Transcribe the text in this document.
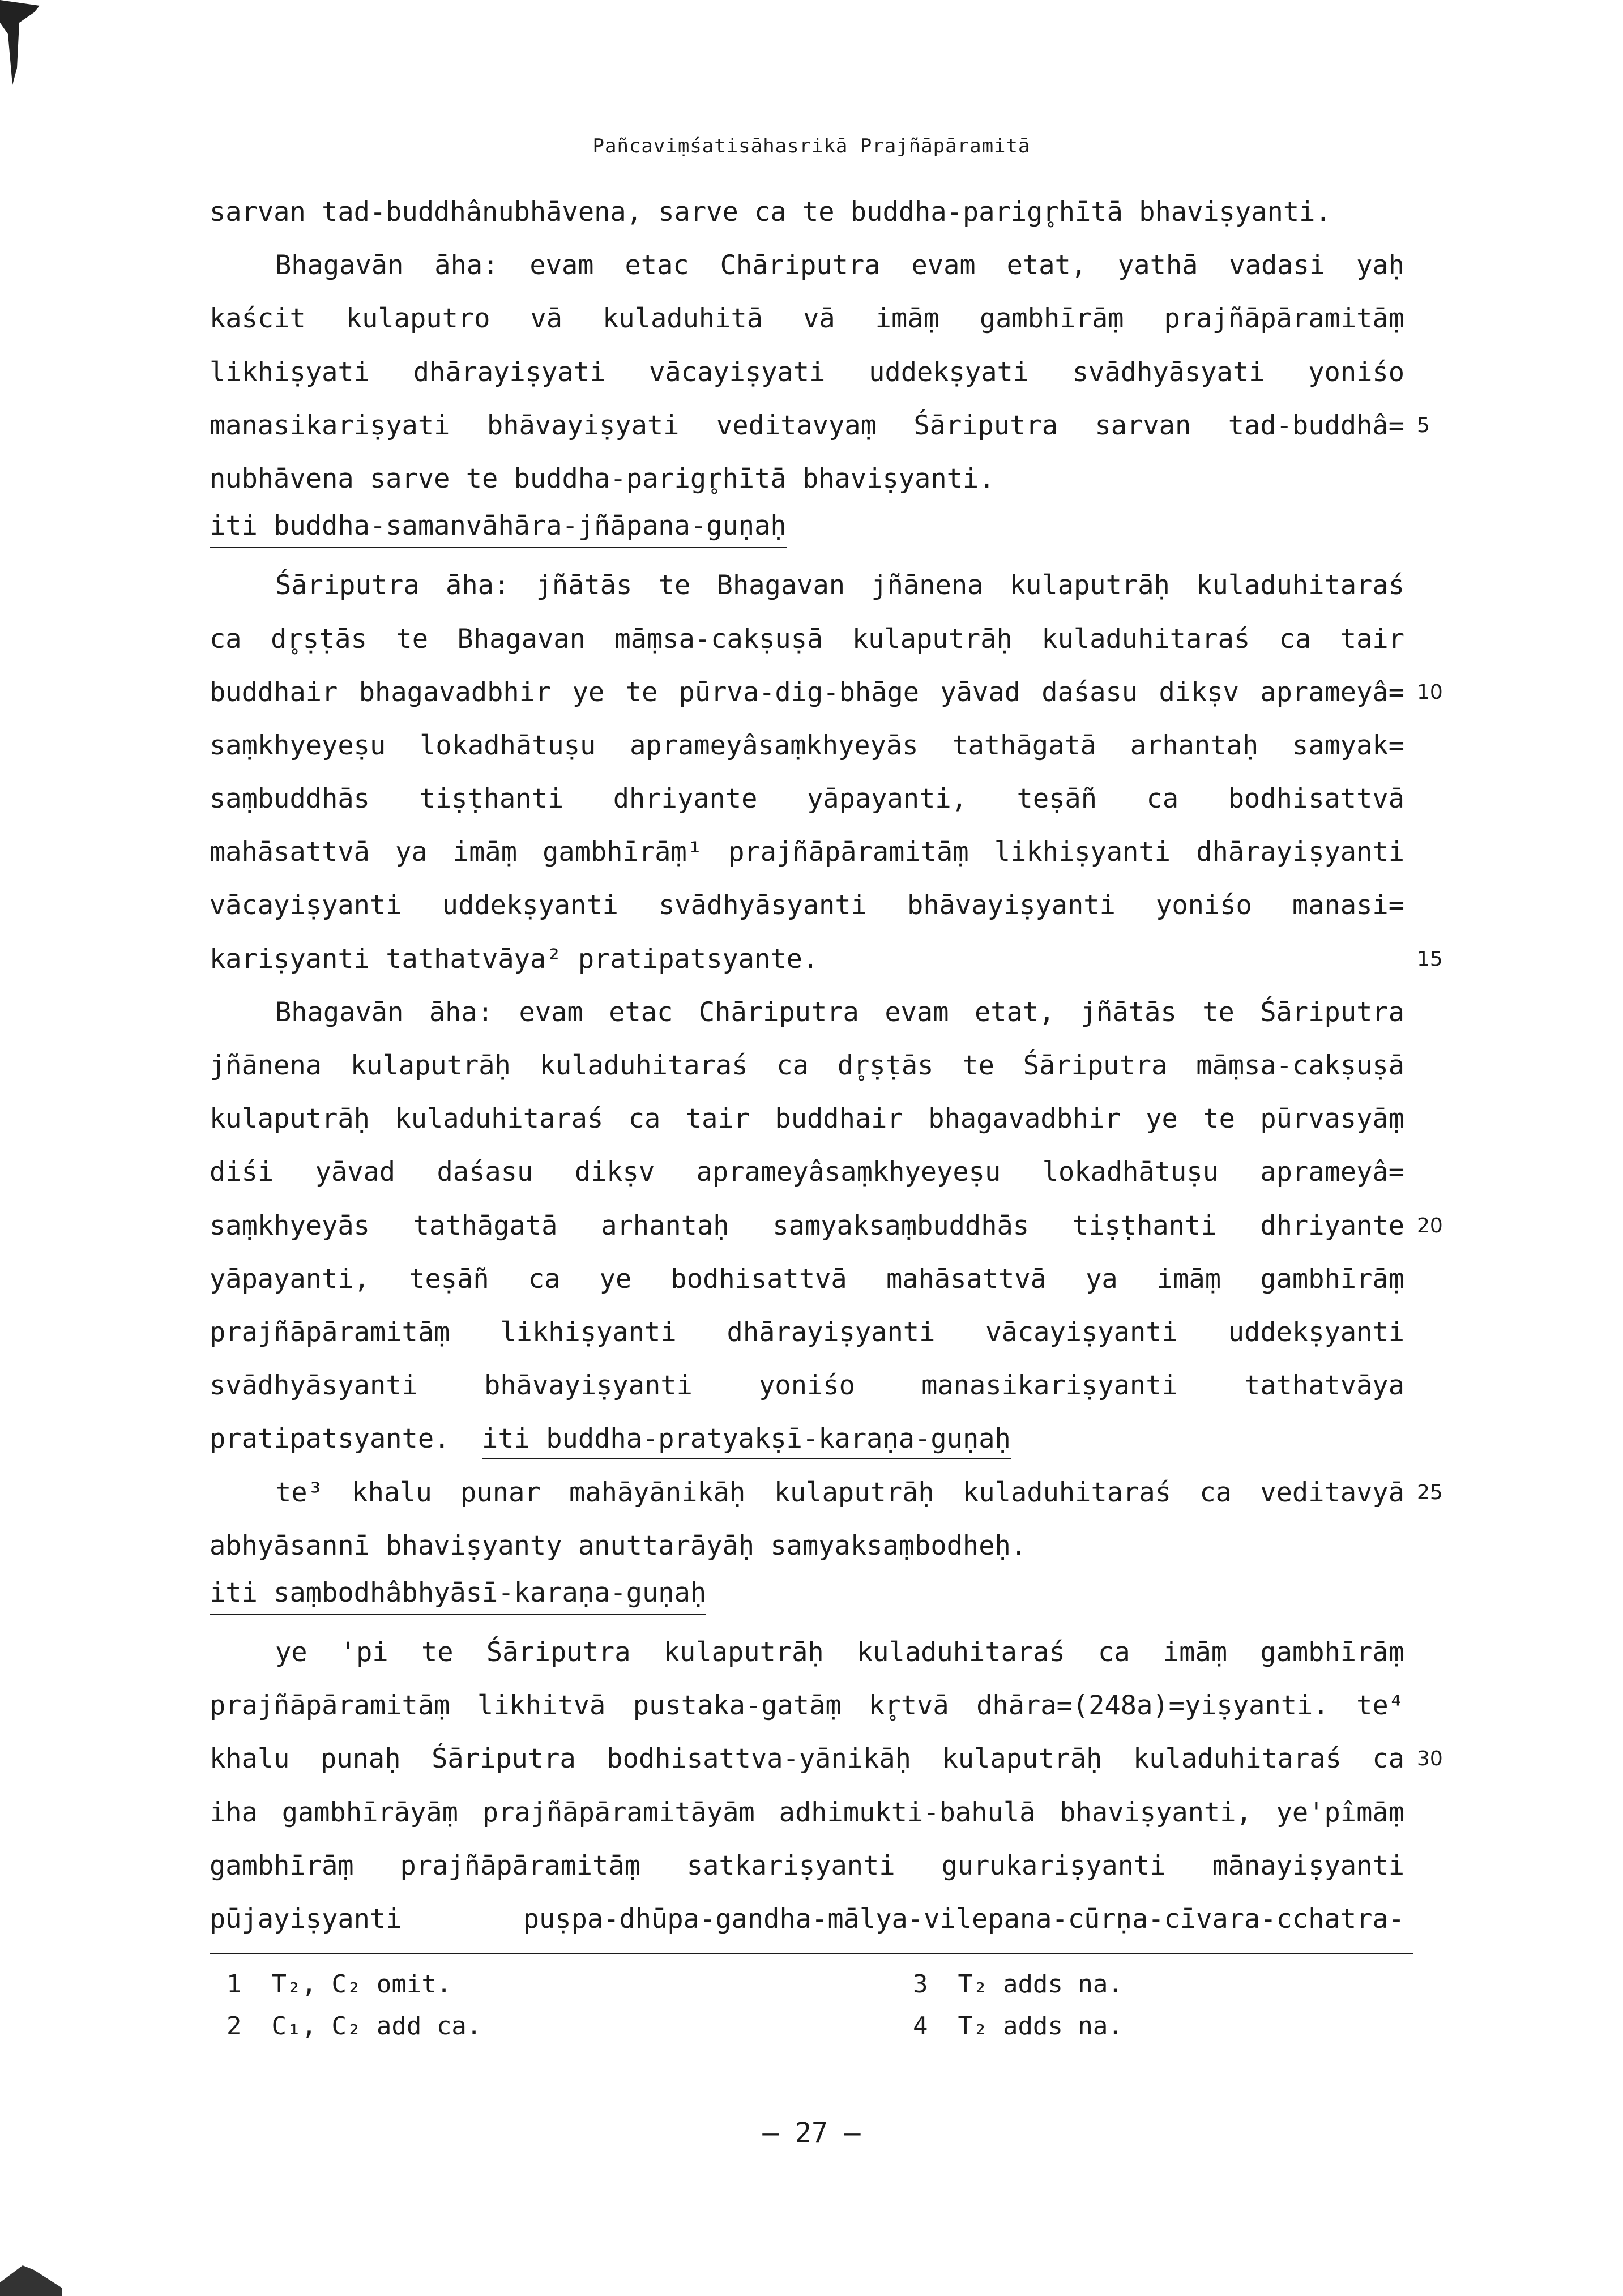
Pañcaviṃśatisāhasrikā Prajñāpāramitā
sarvan tad-buddhânubhāvena, sarve ca te buddha-parigr̥hītā bhaviṣyanti.
Bhagavān āha: evam etac Chāriputra evam etat, yathā vadasi yaḥ
kaścit kulaputro vā kuladuhitā vā imāṃ gambhīrāṃ prajñāpāramitāṃ
likhiṣyati dhārayiṣyati vācayiṣyati uddekṣyati svādhyāsyati yoniśo
manasikariṣyati bhāvayiṣyati veditavyaṃ Śāriputra sarvan tad-buddhâ= 5
nubhāvena sarve te buddha-parigr̥hītā bhaviṣyanti.
iti buddha-samanvāhāra-jñāpana-guṇaḥ
Śāriputra āha: jñātās te Bhagavan jñānena kulaputrāḥ kuladuhitaraś
ca dr̥ṣṭās te Bhagavan māṃsa-cakṣuṣā kulaputrāḥ kuladuhitaraś ca tair
buddhair bhagavadbhir ye te pūrva-dig-bhāge yāvad daśasu dikṣv aprameyâ= 10
saṃkhyeyeṣu lokadhātuṣu aprameyâsaṃkhyeyās tathāgatā arhantaḥ samyak=
saṃbuddhās tiṣṭhanti dhriyante yāpayanti, teṣāñ ca bodhisattvā
mahāsattvā ya imāṃ gambhīrāṃ¹ prajñāpāramitāṃ likhiṣyanti dhārayiṣyanti
vācayiṣyanti uddekṣyanti svādhyāsyanti bhāvayiṣyanti yoniśo manasi=
kariṣyanti tathatvāya² pratipatsyante.	15
Bhagavān āha: evam etac Chāriputra evam etat, jñātās te Śāriputra
jñānena kulaputrāḥ kuladuhitaraś ca dr̥ṣṭās te Śāriputra māṃsa-cakṣuṣā
kulaputrāḥ kuladuhitaraś ca tair buddhair bhagavadbhir ye te pūrvasyāṃ
diśi yāvad daśasu dikṣv aprameyâsaṃkhyeyeṣu lokadhātuṣu aprameyâ=
saṃkhyeyās tathāgatā arhantaḥ samyaksaṃbuddhās tiṣṭhanti dhriyante 20
yāpayanti, teṣāñ ca ye bodhisattvā mahāsattvā ya imāṃ gambhīrāṃ
prajñāpāramitāṃ likhiṣyanti dhārayiṣyanti vācayiṣyanti uddekṣyanti
svādhyāsyanti bhāvayiṣyanti yoniśo manasikariṣyanti tathatvāya
pratipatsyante. iti buddha-pratyakṣī-karaṇa-guṇaḥ
te³ khalu punar mahāyānikāḥ kulaputrāḥ kuladuhitaraś ca veditavyā 25
abhyāsannī bhaviṣyanty anuttarāyāḥ samyaksaṃbodheḥ.
iti saṃbodhâbhyāsī-karaṇa-guṇaḥ
ye 'pi te Śāriputra kulaputrāḥ kuladuhitaraś ca imāṃ gambhīrāṃ
prajñāpāramitāṃ likhitvā pustaka-gatāṃ kr̥tvā dhāra=(248a)=yiṣyanti. te⁴
khalu punaḥ Śāriputra bodhisattva-yānikāḥ kulaputrāḥ kuladuhitaraś ca 30
iha gambhīrāyāṃ prajñāpāramitāyām adhimukti-bahulā bhaviṣyanti, ye'pîmāṃ
gambhīrāṃ prajñāpāramitāṃ satkariṣyanti gurukariṣyanti mānayiṣyanti
pūjayiṣyanti puṣpa-dhūpa-gandha-mālya-vilepana-cūrṇa-cīvara-cchatra-
1 T₂, C₂ omit.
2 C₁, C₂ add ca.
3 T₂ adds na.
4 T₂ adds na.
— 27 —
